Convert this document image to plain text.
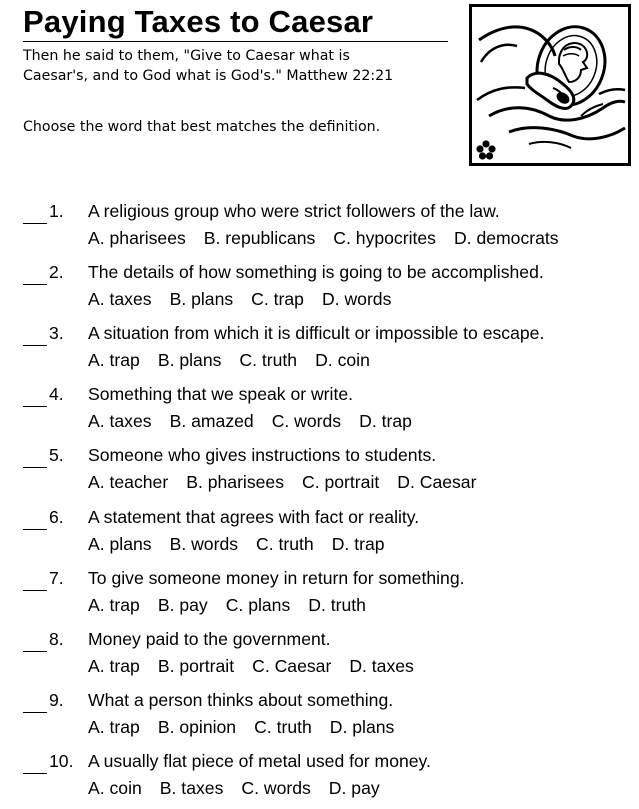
Paying Taxes to Caesar
Then he said to them, "Give to Caesar what is
Caesar's, and to God what is God's." Matthew 22:21
Choose the word that best matches the definition.
1. A religious group who were strict followers of the law.
A. pharisees B. republicans C. hypocrites D. democrats
2. The details of how something is going to be accomplished.
A. taxes B. plans C. trap D. words
3. A situation from which it is difficult or impossible to escape.
A. trap B. plans C. truth D. coin
4. Something that we speak or write.
A. taxes B. amazed C. words D. trap
5. Someone who gives instructions to students.
A. teacher B. pharisees C. portrait D. Caesar
6. A statement that agrees with fact or reality.
A. plans B. words C. truth D. trap
7. To give someone money in return for something.
A. trap B. pay C. plans D. truth
8. Money paid to the government.
A. trap B. portrait C. Caesar D. taxes
9. What a person thinks about something.
A. trap B. opinion C. truth D. plans
10. A usually flat piece of metal used for money.
A. coin B. taxes C. words D. pay
